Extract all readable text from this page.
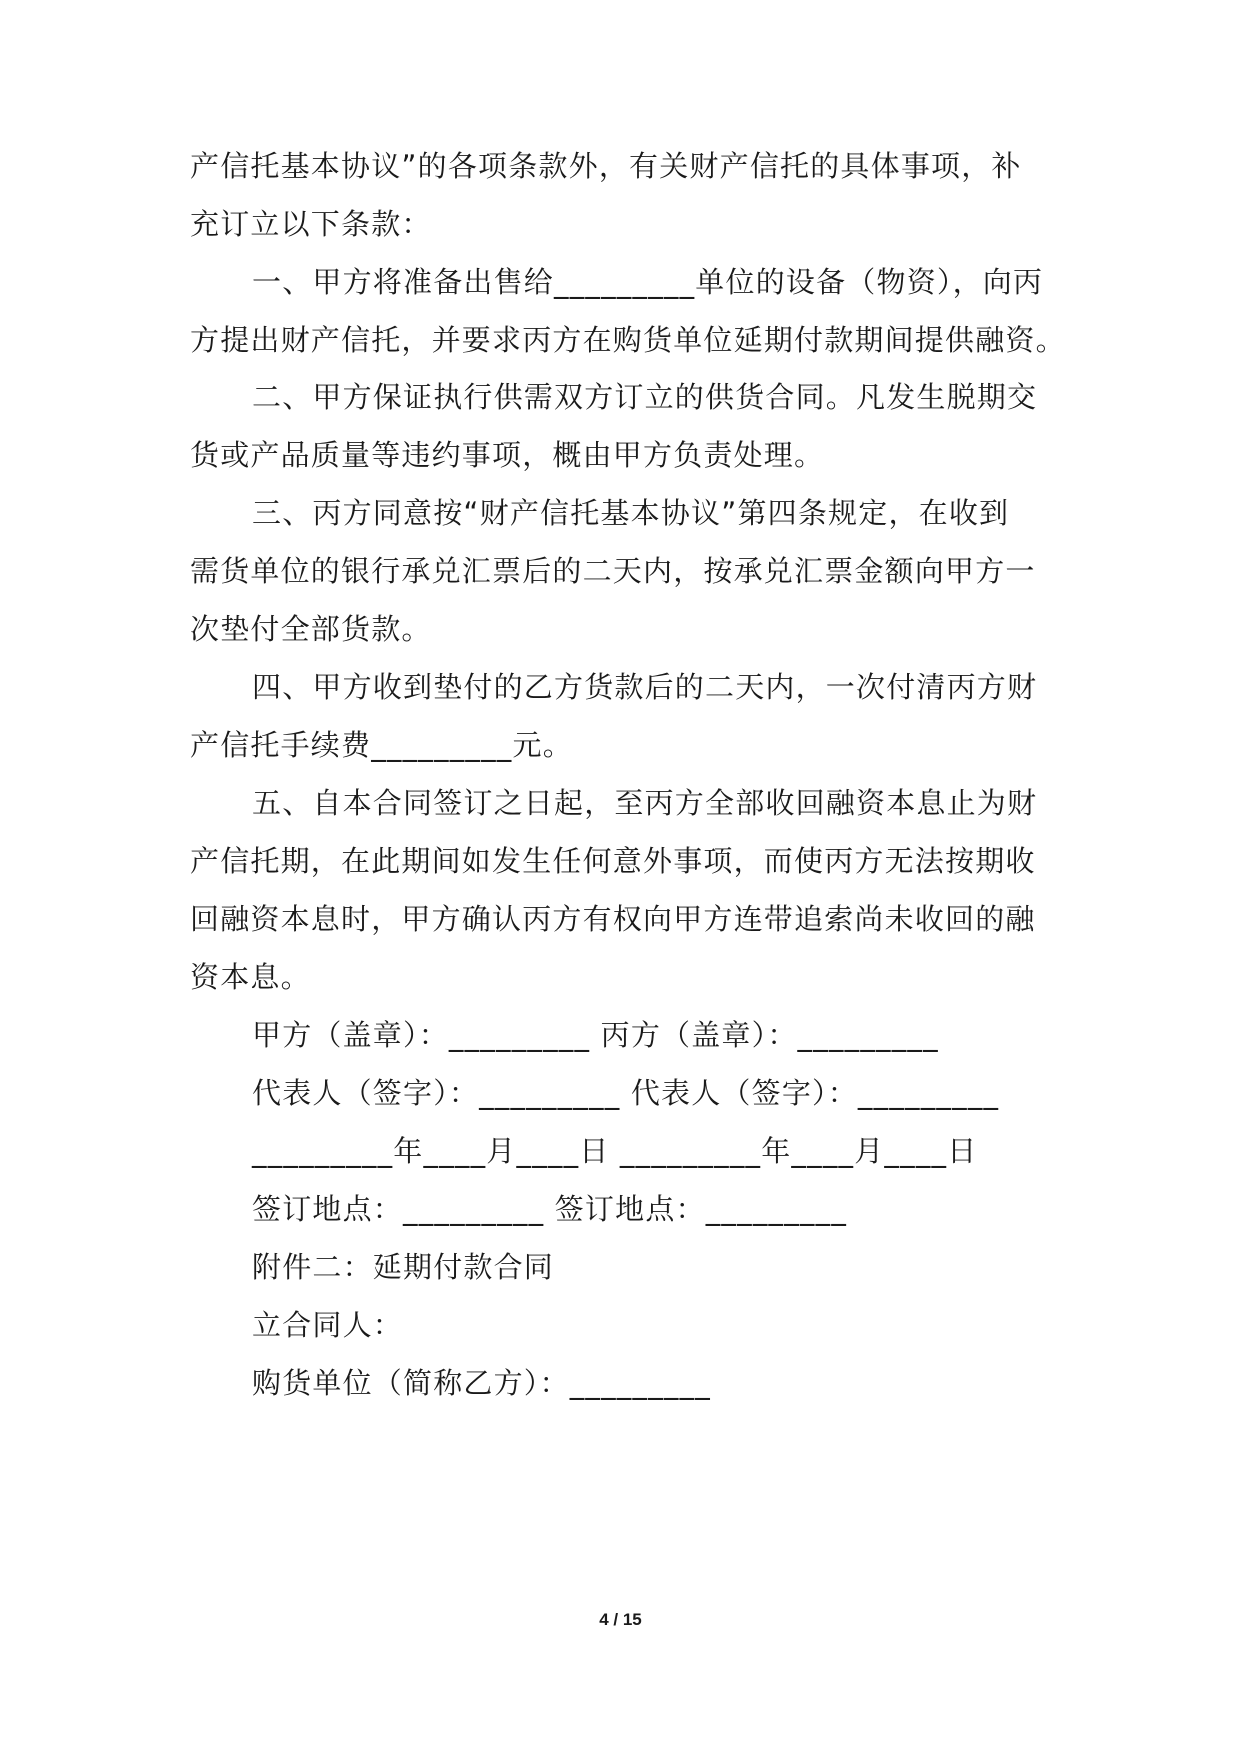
产信托基本协议”的各项条款外，有关财产信托的具体事项，补
充订立以下条款：
一、甲方将准备出售给_________单位的设备（物资），向丙
方提出财产信托，并要求丙方在购货单位延期付款期间提供融资。
二、甲方保证执行供需双方订立的供货合同。凡发生脱期交
货或产品质量等违约事项，概由甲方负责处理。
三、丙方同意按“财产信托基本协议”第四条规定，在收到
需货单位的银行承兑汇票后的二天内，按承兑汇票金额向甲方一
次垫付全部货款。
四、甲方收到垫付的乙方货款后的二天内，一次付清丙方财
产信托手续费_________元。
五、自本合同签订之日起，至丙方全部收回融资本息止为财
产信托期，在此期间如发生任何意外事项，而使丙方无法按期收
回融资本息时，甲方确认丙方有权向甲方连带追索尚未收回的融
资本息。
甲方（盖章）：_________ 丙方（盖章）：_________
代表人（签字）：_________ 代表人（签字）：_________
_________年____月____日 _________年____月____日
签订地点：_________ 签订地点：_________
附件二：延期付款合同
立合同人：
购货单位（简称乙方）：_________
4 / 15
